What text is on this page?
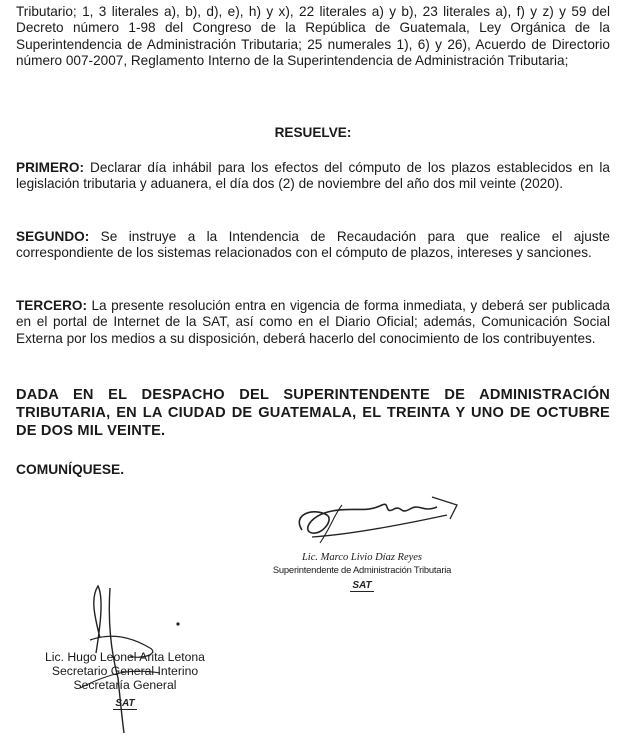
Tributario; 1, 3 literales a), b), d), e), h) y x), 22 literales a) y b), 23 literales a), f) y z) y 59 del Decreto número 1-98 del Congreso de la República de Guatemala, Ley Orgánica de la Superintendencia de Administración Tributaria; 25 numerales 1), 6) y 26), Acuerdo de Directorio número 007-2007, Reglamento Interno de la Superintendencia de Administración Tributaria;

RESUELVE:

PRIMERO: Declarar día inhábil para los efectos del cómputo de los plazos establecidos en la legislación tributaria y aduanera, el día dos (2) de noviembre del año dos mil veinte (2020).

SEGUNDO: Se instruye a la Intendencia de Recaudación para que realice el ajuste correspondiente de los sistemas relacionados con el cómputo de plazos, intereses y sanciones.

TERCERO: La presente resolución entra en vigencia de forma inmediata, y deberá ser publicada en el portal de Internet de la SAT, así como en el Diario Oficial; además, Comunicación Social Externa por los medios a su disposición, deberá hacerlo del conocimiento de los contribuyentes.

DADA EN EL DESPACHO DEL SUPERINTENDENTE DE ADMINISTRACIÓN TRIBUTARIA, EN LA CIUDAD DE GUATEMALA, EL TREINTA Y UNO DE OCTUBRE DE DOS MIL VEINTE.
COMUNÍQUESE.
Lic. Marco Livio Díaz Reyes
Superintendente de Administración Tributaria
SAT
Lic. Hugo Leonel Arita Letona
Secretario General Interino
Secretaría General
SAT
